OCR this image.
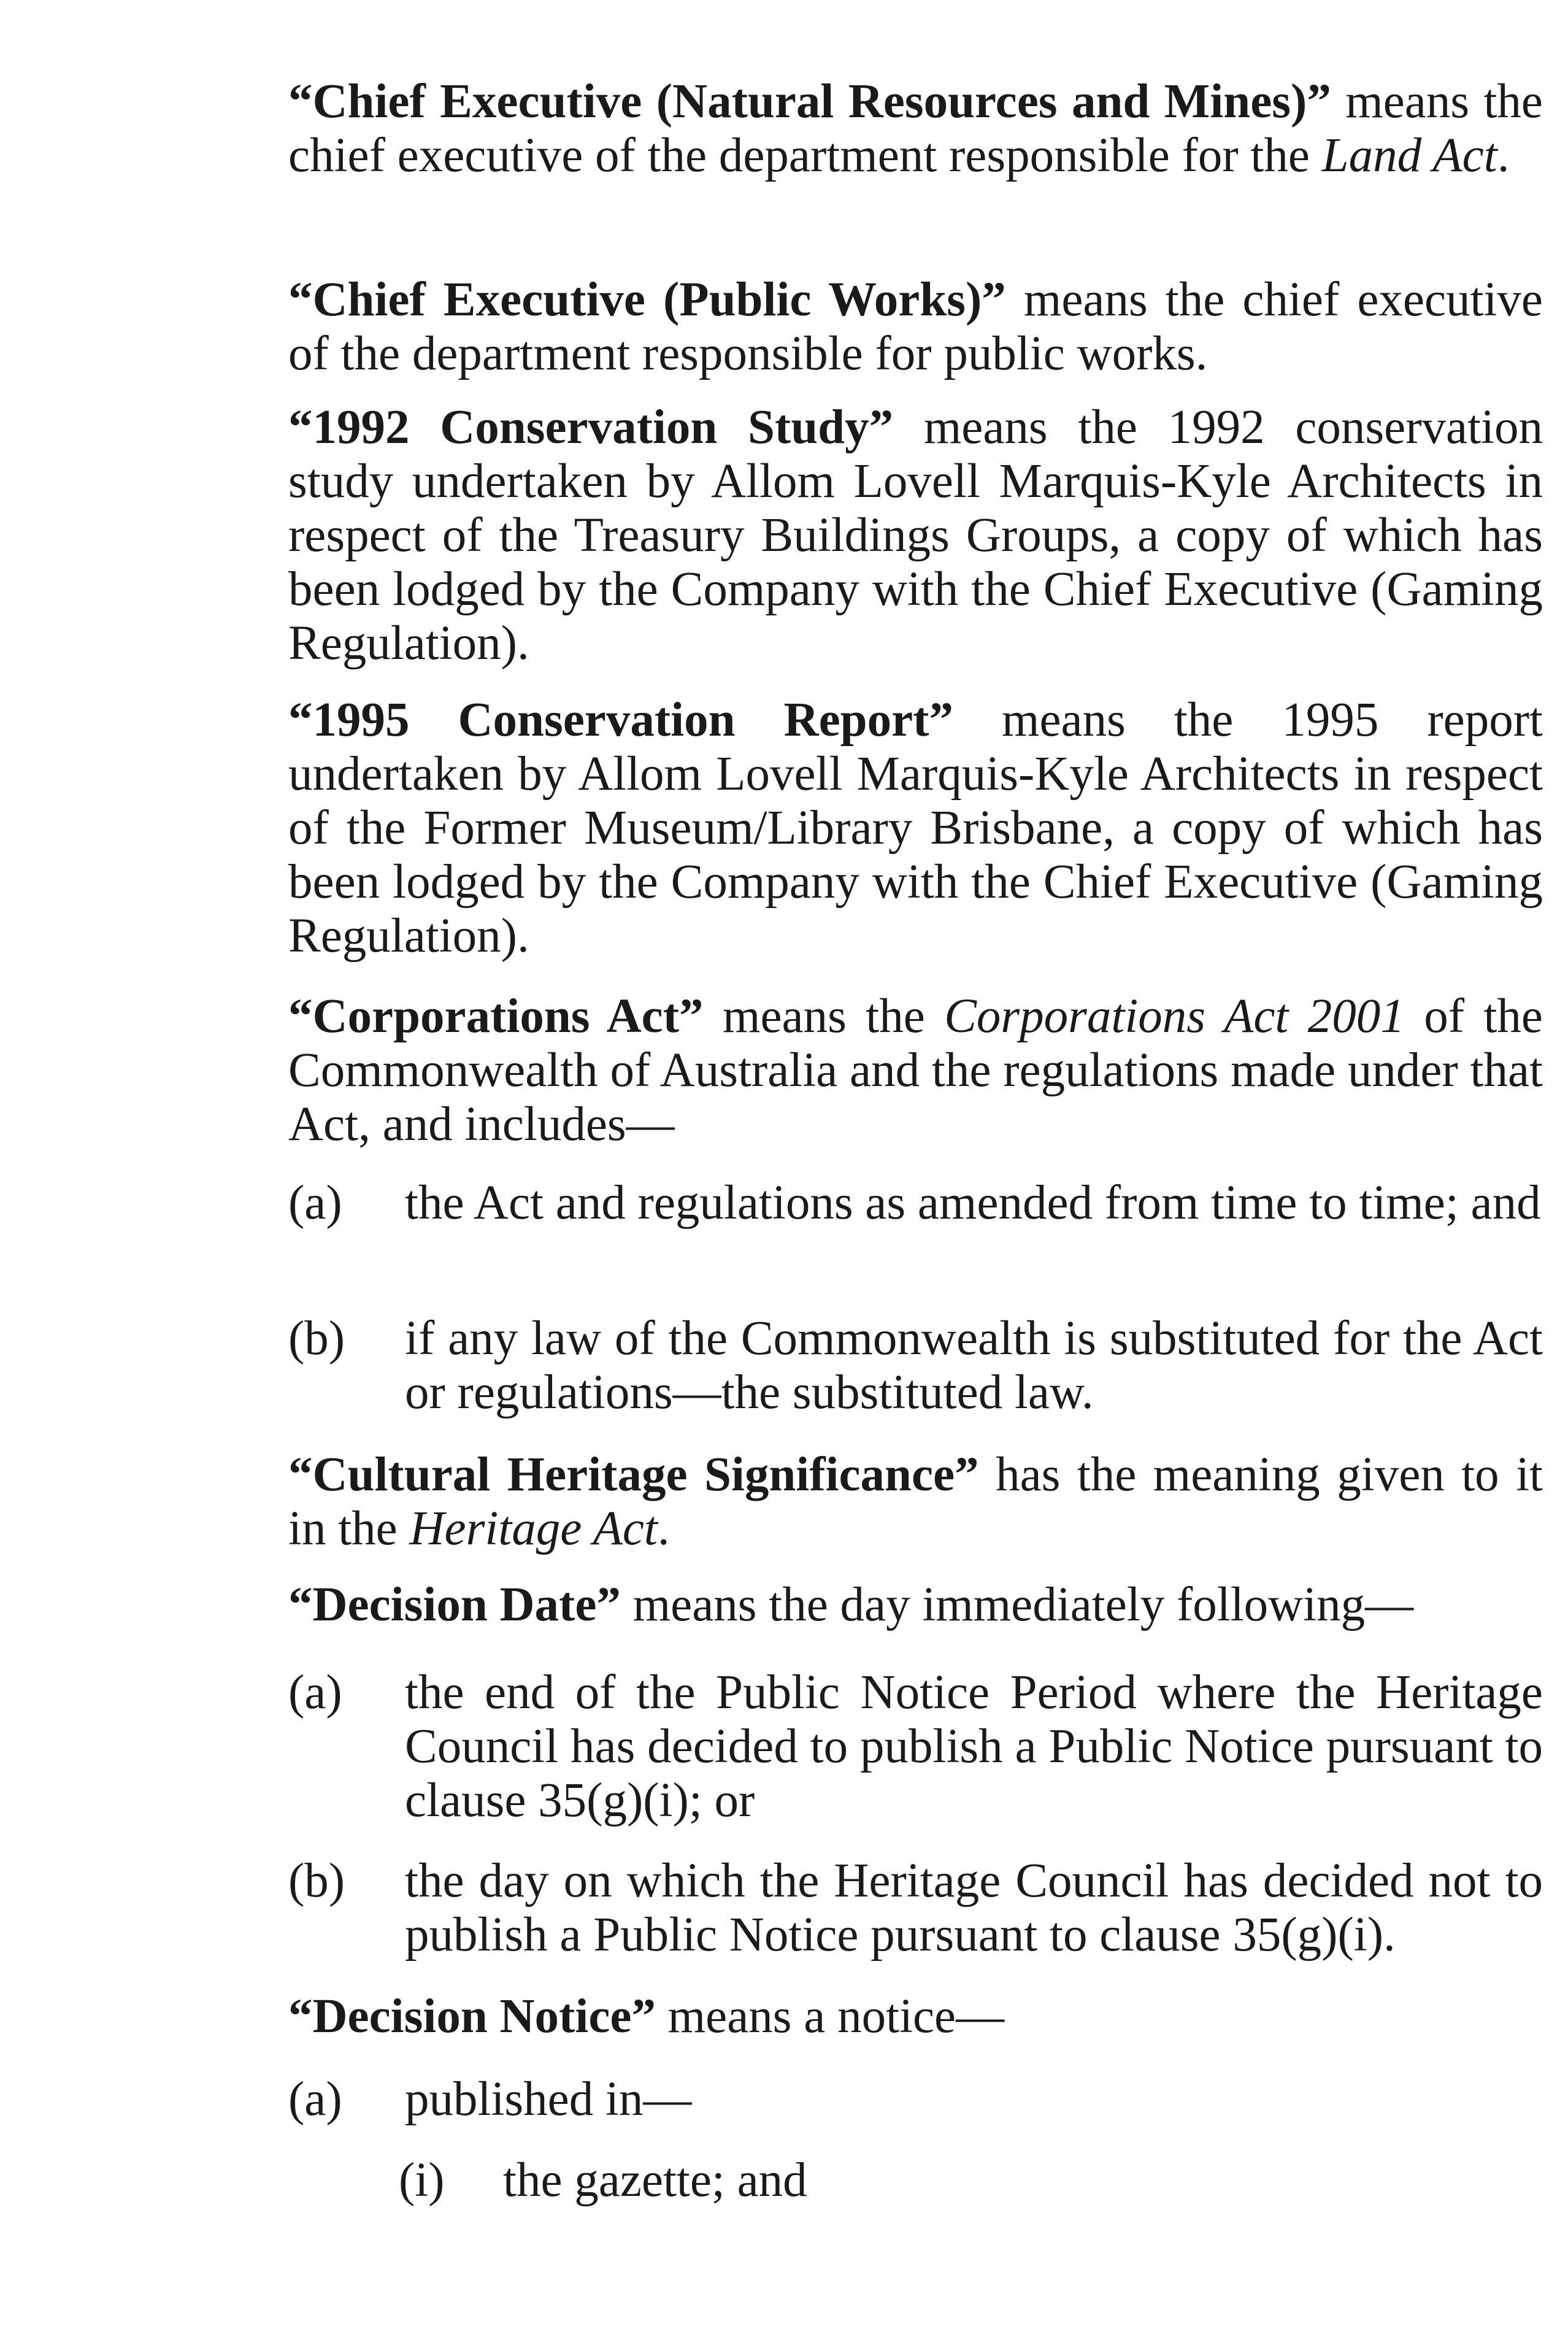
“Chief Executive (Natural Resources and Mines)” means the chief executive of the department responsible for the Land Act.

“Chief Executive (Public Works)” means the chief executive of the department responsible for public works.

“1992 Conservation Study” means the 1992 conservation study undertaken by Allom Lovell Marquis-Kyle Architects in respect of the Treasury Buildings Groups, a copy of which has been lodged by the Company with the Chief Executive (Gaming Regulation).

“1995 Conservation Report” means the 1995 report undertaken by Allom Lovell Marquis-Kyle Architects in respect of the Former Museum/Library Brisbane, a copy of which has been lodged by the Company with the Chief Executive (Gaming Regulation).

“Corporations Act” means the Corporations Act 2001 of the Commonwealth of Australia and the regulations made under that Act, and includes—

(a) the Act and regulations as amended from time to time; and
(b) if any law of the Commonwealth is substituted for the Act or regulations—the substituted law.

“Cultural Heritage Significance” has the meaning given to it in the Heritage Act.

“Decision Date” means the day immediately following—

(a) the end of the Public Notice Period where the Heritage Council has decided to publish a Public Notice pursuant to clause 35(g)(i); or
(b) the day on which the Heritage Council has decided not to publish a Public Notice pursuant to clause 35(g)(i).

“Decision Notice” means a notice—

(a) published in—
(i) the gazette; and
